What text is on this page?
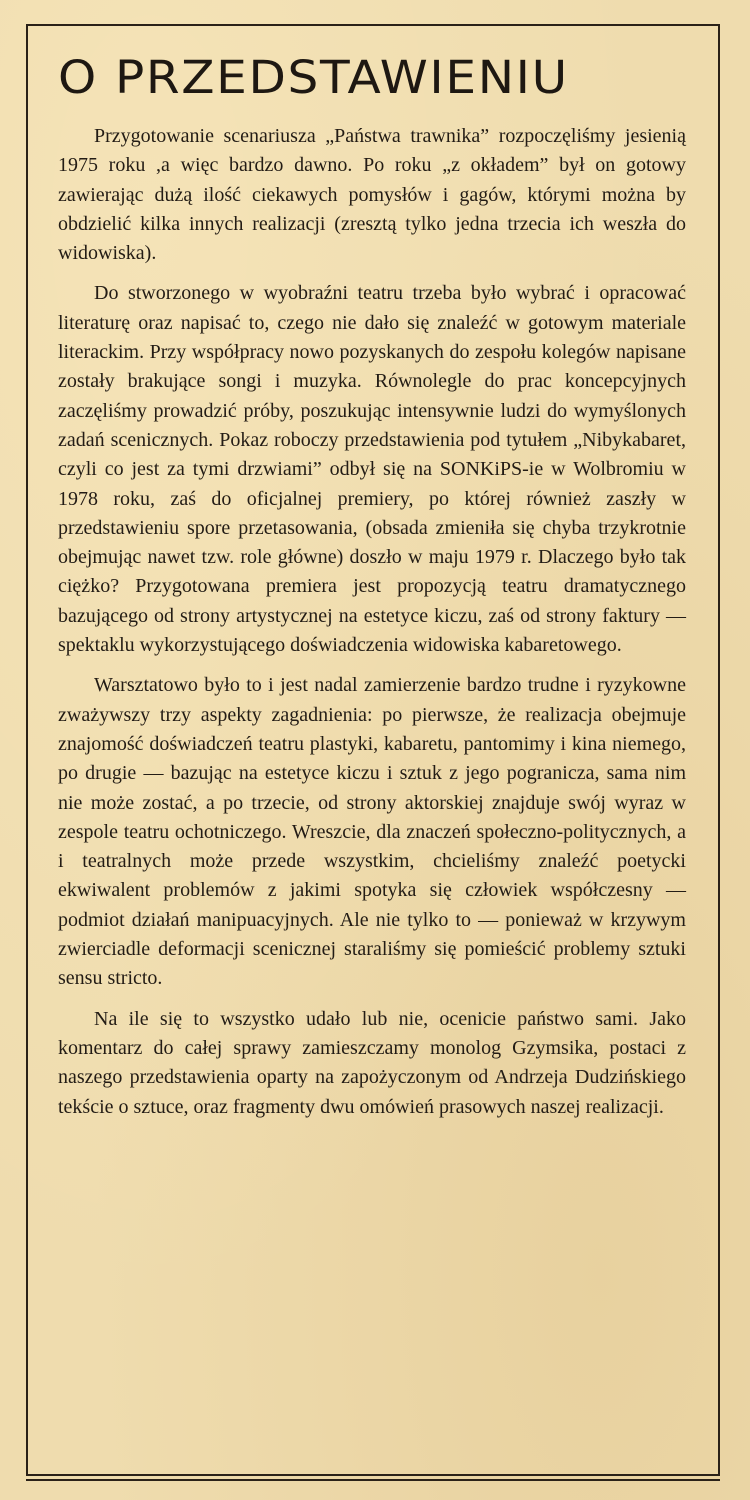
O PRZEDSTAWIENIU

Przygotowanie scenariusza „Państwa trawnika” rozpoczęliśmy jesienią 1975 roku ,a więc bardzo dawno. Po roku „z okładem” był on gotowy zawierając dużą ilość ciekawych pomysłów i gagów, którymi można by obdzielić kilka innych realizacji (zresztą tylko jedna trzecia ich weszła do widowiska).

Do stworzonego w wyobraźni teatru trzeba było wybrać i opracować literaturę oraz napisać to, czego nie dało się znaleźć w gotowym materiale literackim. Przy współpracy nowo pozyskanych do zespołu kolegów napisane zostały brakujące songi i muzyka. Równolegle do prac koncepcyjnych zaczęliśmy prowadzić próby, poszukując intensywnie ludzi do wymyślonych zadań scenicznych. Pokaz roboczy przedstawienia pod tytułem „Nibykabaret, czyli co jest za tymi drzwiami” odbył się na SONKiPS-ie w Wolbromiu w 1978 roku, zaś do oficjalnej premiery, po której również zaszły w przedstawieniu spore przetasowania, (obsada zmieniła się chyba trzykrotnie obejmując nawet tzw. role główne) doszło w maju 1979 r. Dlaczego było tak ciężko? Przygotowana premiera jest propozycją teatru dramatycznego bazującego od strony artystycznej na estetyce kiczu, zaś od strony faktury — spektaklu wykorzystującego doświadczenia widowiska kabaretowego.

Warsztatowo było to i jest nadal zamierzenie bardzo trudne i ryzykowne zważywszy trzy aspekty zagadnienia: po pierwsze, że realizacja obejmuje znajomość doświadczeń teatru plastyki, kabaretu, pantomimy i kina niemego, po drugie — bazując na estetyce kiczu i sztuk z jego pogranicza, sama nim nie może zostać, a po trzecie, od strony aktorskiej znajduje swój wyraz w zespole teatru ochotniczego. Wreszcie, dla znaczeń społeczno-politycznych, a i teatralnych może przede wszystkim, chcieliśmy znaleźć poetycki ekwiwalent problemów z jakimi spotyka się człowiek współczesny — podmiot działań manipuacyjnych. Ale nie tylko to — ponieważ w krzywym zwierciadle deformacji scenicznej staraliśmy się pomieścić problemy sztuki sensu stricto.

Na ile się to wszystko udało lub nie, ocenicie państwo sami. Jako komentarz do całej sprawy zamieszczamy monolog Gzymsika, postaci z naszego przedstawienia oparty na zapożyczonym od Andrzeja Dudzińskiego tekście o sztuce, oraz fragmenty dwu omówień prasowych naszej realizacji.
